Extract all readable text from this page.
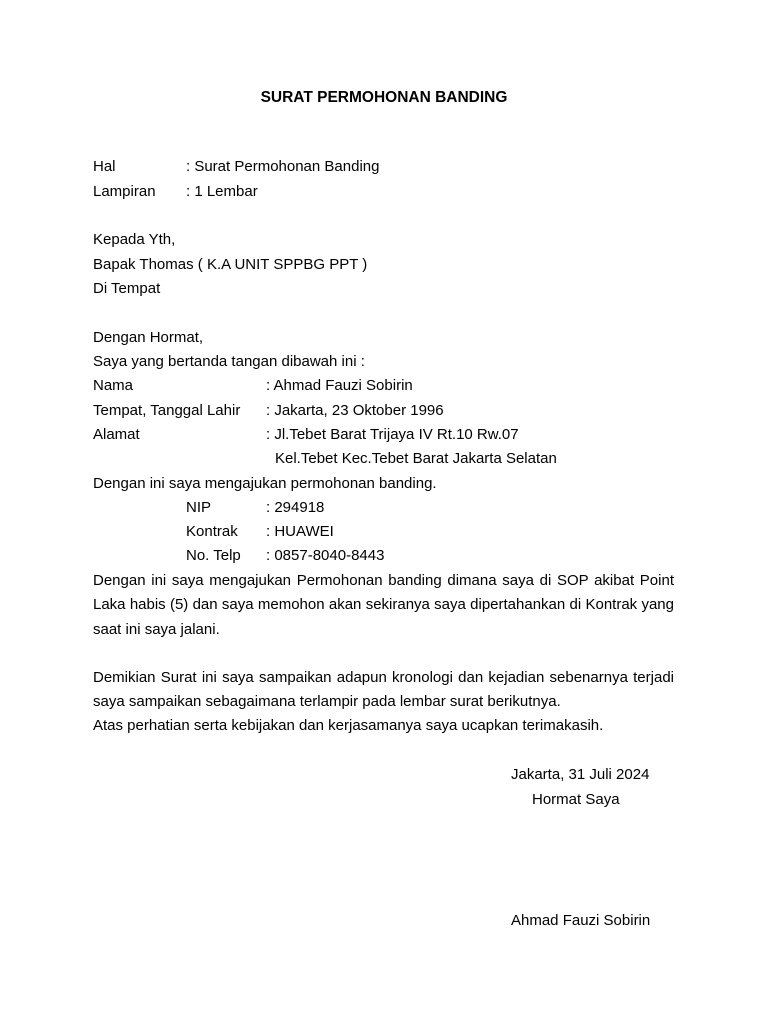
SURAT PERMOHONAN BANDING
Hal	: Surat Permohonan Banding
Lampiran : 1 Lembar
Kepada Yth,
Bapak Thomas ( K.A UNIT SPPBG PPT )
Di Tempat
Dengan Hormat,
Saya yang bertanda tangan dibawah ini :
Nama	: Ahmad Fauzi Sobirin
Tempat, Tanggal Lahir : Jakarta, 23 Oktober 1996
Alamat	: Jl.Tebet Barat Trijaya IV Rt.10 Rw.07
Kel.Tebet Kec.Tebet Barat Jakarta Selatan
Dengan ini saya mengajukan permohonan banding.
NIP	: 294918
Kontrak : HUAWEI
No. Telp : 0857-8040-8443
Dengan ini saya mengajukan Permohonan banding dimana saya di SOP akibat Point Laka habis (5) dan saya memohon akan sekiranya saya dipertahankan di Kontrak yang saat ini saya jalani.
Demikian Surat ini saya sampaikan adapun kronologi dan kejadian sebenarnya terjadi saya sampaikan sebagaimana terlampir pada lembar surat berikutnya.
Atas perhatian serta kebijakan dan kerjasamanya saya ucapkan terimakasih.
Jakarta, 31 Juli 2024
Hormat Saya
Ahmad Fauzi Sobirin
